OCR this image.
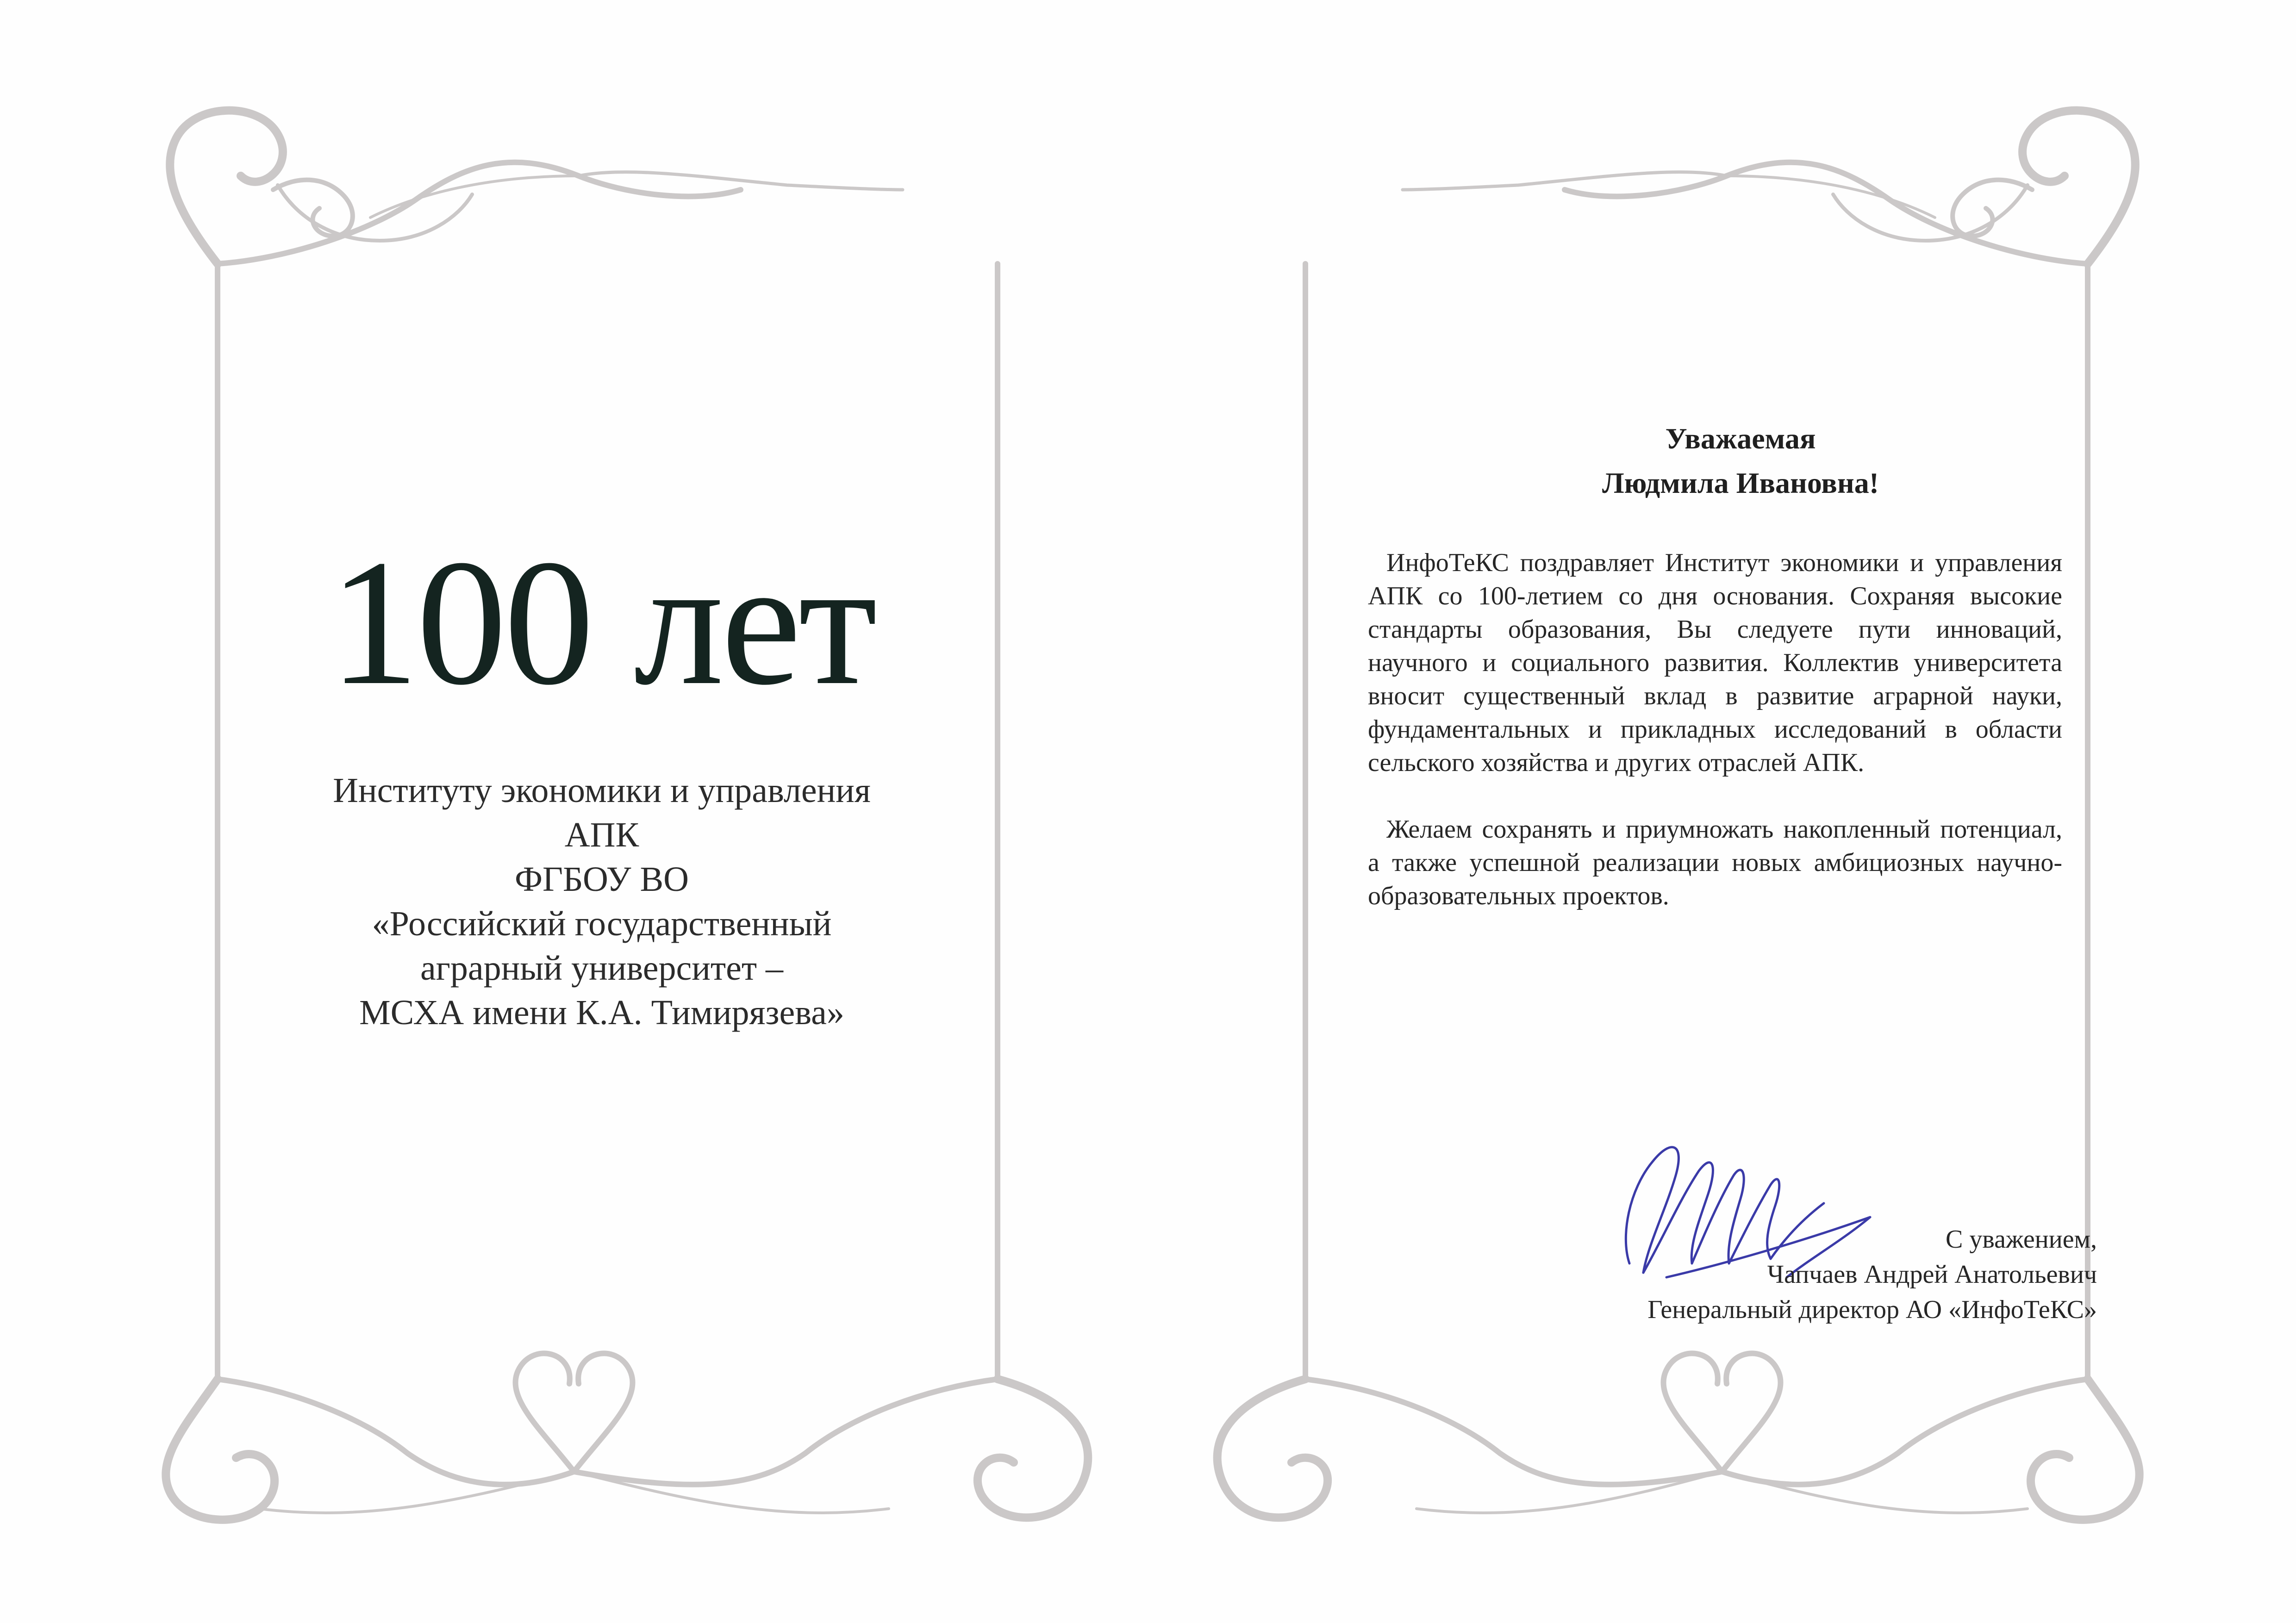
100 лет
Институту экономики и управления
АПК
ФГБОУ ВО
«Российский государственный
аграрный университет –
МСХА имени К.А. Тимирязева»
Уважаемая
Людмила Ивановна!

ИнфоТеКС поздравляет Институт экономики и управления АПК со 100-летием со дня основания. Сохраняя высокие стандарты образования, Вы следуете пути инноваций, научного и социального развития. Коллектив университета вносит существенный вклад в развитие аграрной науки, фундаментальных и прикладных исследований в области сельского хозяйства и других отраслей АПК.

Желаем сохранять и приумножать накопленный потенциал, а также успешной реализации новых амбициозных научно-образовательных проектов.

С уважением,
Чапчаев Андрей Анатольевич
Генеральный директор АО «ИнфоТеКС»
